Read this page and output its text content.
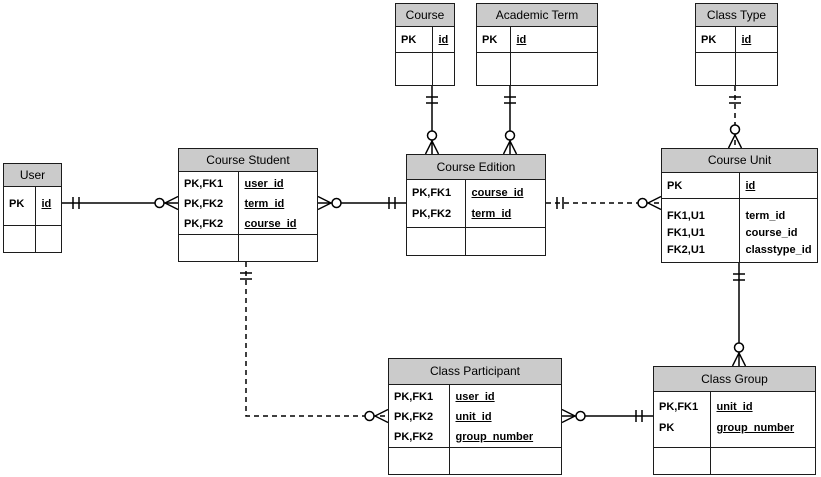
User
PK	id
Course
PK	id
Academic Term
PK	id
Class Type
PK	id
Course Student
PK,FK1	user_id
PK,FK2	term_id
PK,FK2	course_id
Course Edition
PK,FK1	course_id
PK,FK2	term_id
Course Unit
PK	id
FK1,U1	term_id
FK1,U1	course_id
FK2,U1	classtype_id
Class Participant
PK,FK1	user_id
PK,FK2	unit_id
PK,FK2	group_number
Class Group
PK,FK1	unit_id
PK	group_number
